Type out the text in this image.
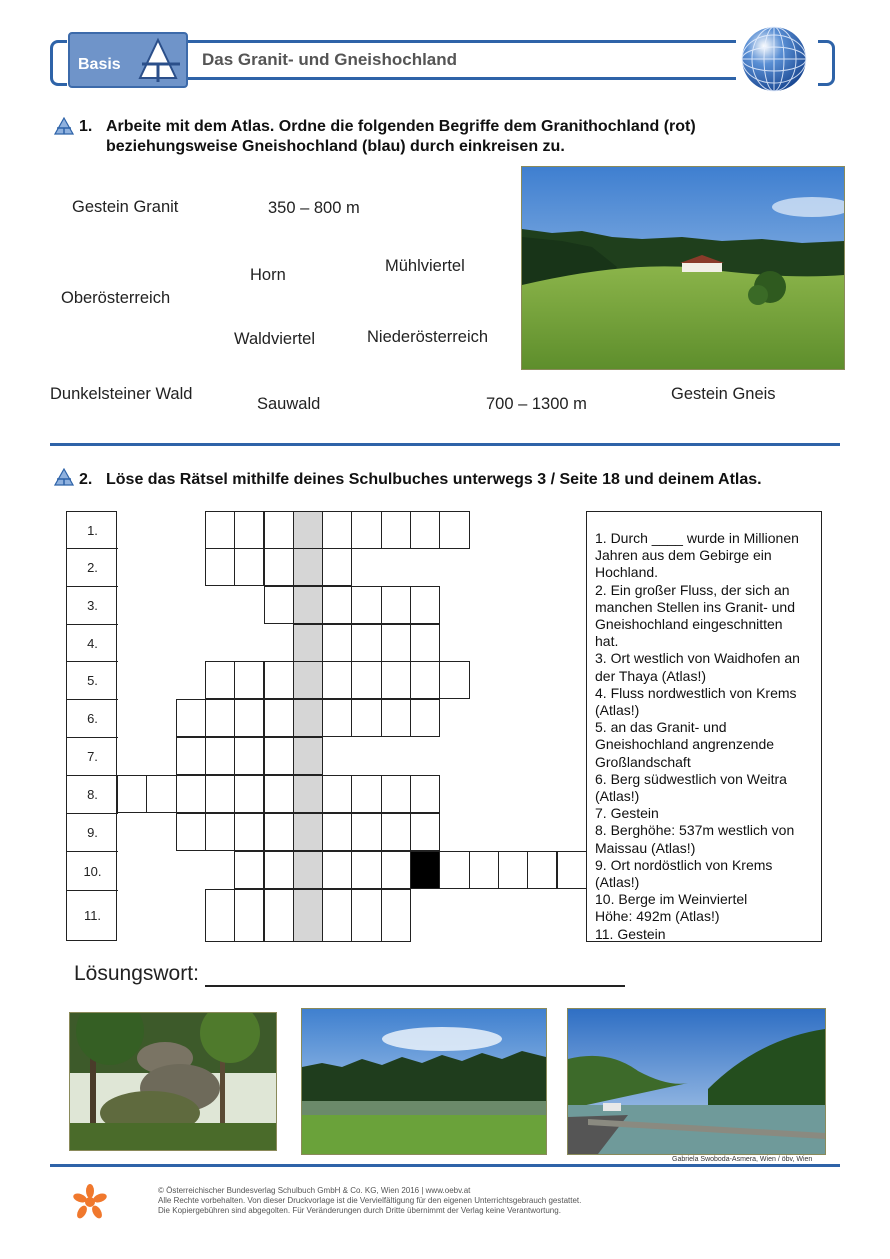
Basis	Das Granit- und Gneishochland
1. Arbeite mit dem Atlas. Ordne die folgenden Begriffe dem Granithochland (rot)
beziehungsweise Gneishochland (blau) durch einkreisen zu.
Gestein Granit	350 – 800 m
Mühlviertel
Horn
Oberösterreich
Waldviertel	Niederösterreich
Dunkelsteiner Wald
Sauwald	700 – 1300 m
Gestein Gneis
2. Löse das Rätsel mithilfe deines Schulbuches unterwegs 3 / Seite 18 und deinem Atlas.
1.
2.
3.
4.
5.
6.
7.
8.
9.
10.
11.
1. Durch ____ wurde in Millionen
Jahren aus dem Gebirge ein
Hochland.
2. Ein großer Fluss, der sich an
manchen Stellen ins Granit- und
Gneishochland eingeschnitten
hat.
3. Ort westlich von Waidhofen an
der Thaya (Atlas!)
4. Fluss nordwestlich von Krems
(Atlas!)
5. an das Granit- und
Gneishochland angrenzende
Großlandschaft
6. Berg südwestlich von Weitra
(Atlas!)
7. Gestein
8. Berghöhe: 537m westlich von
Maissau (Atlas!)
9. Ort nordöstlich von Krems
(Atlas!)
10. Berge im Weinviertel
Höhe: 492m (Atlas!)
11. Gestein
Lösungswort:
Gabriela Swoboda-Asmera, Wien / öbv, Wien
© Österreichischer Bundesverlag Schulbuch GmbH & Co. KG, Wien 2016 | www.oebv.at
Alle Rechte vorbehalten. Von dieser Druckvorlage ist die Vervielfältigung für den eigenen Unterrichtsgebrauch gestattet.
Die Kopiergebühren sind abgegolten. Für Veränderungen durch Dritte übernimmt der Verlag keine Verantwortung.
